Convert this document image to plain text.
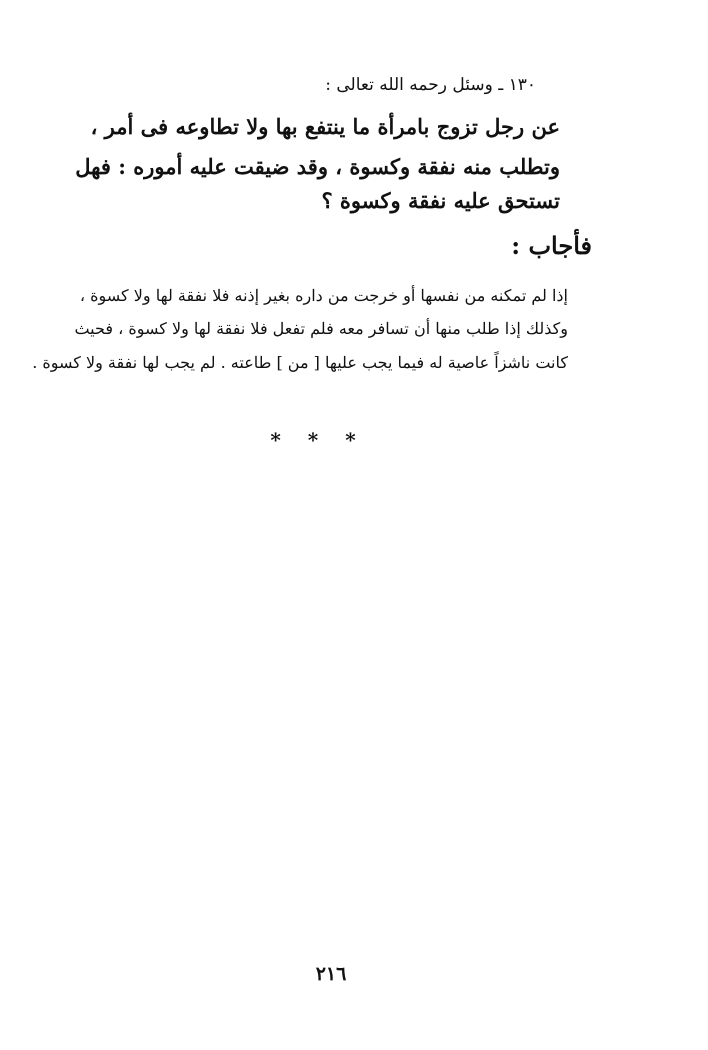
١٣٠ ـ وسئل رحمه الله تعالى :
عن رجل تزوج بامرأة ما ينتفع بها ولا تطاوعه فى أمر ،
وتطلب منه نفقة وكسوة ، وقد ضيقت عليه أموره : فهل
تستحق عليه نفقة وكسوة ؟
فأجاب :
إذا لم تمكنه من نفسها أو خرجت من داره بغير إذنه فلا نفقة لها ولا كسوة ،
وكذلك إذا طلب منها أن تسافر معه فلم تفعل فلا نفقة لها ولا كسوة ، فحيث
كانت ناشزاً عاصية له فيما يجب عليها [ من ] طاعته . لم يجب لها نفقة ولا كسوة .
* * *
٢١٦
